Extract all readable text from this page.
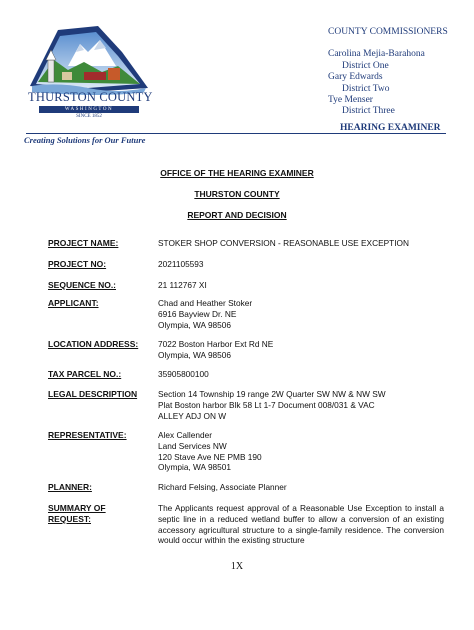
THURSTON COUNTY
WASHINGTON
SINCE 1852
COUNTY COMMISSIONERS
Carolina Mejia-Barahona
District One
Gary Edwards
District Two
Tye Menser
District Three
HEARING EXAMINER
Creating Solutions for Our Future
OFFICE OF THE HEARING EXAMINER
THURSTON COUNTY
REPORT AND DECISION
PROJECT NAME:	STOKER SHOP CONVERSION - REASONABLE USE EXCEPTION
PROJECT NO:	2021105593
SEQUENCE NO.:	21 112767 XI
APPLICANT:	Chad and Heather Stoker
6916 Bayview Dr. NE
Olympia, WA 98506
LOCATION ADDRESS: 7022 Boston Harbor Ext Rd NE
Olympia, WA 98506
TAX PARCEL NO.:	35905800100
LEGAL DESCRIPTION	Section 14 Township 19 range 2W Quarter SW NW & NW SW
Plat Boston harbor Blk 58 Lt 1-7 Document 008/031 & VAC
ALLEY ADJ ON W
REPRESENTATIVE:	Alex Callender
Land Services NW
120 Stave Ave NE PMB 190
Olympia, WA 98501
PLANNER:	Richard Felsing, Associate Planner
SUMMARY OF
REQUEST:
The Applicants request approval of a Reasonable Use Exception to install a septic line in a reduced wetland buffer to allow a conversion of an existing accessory agricultural structure to a single-family residence. The conversion would occur within the existing structure
1X
